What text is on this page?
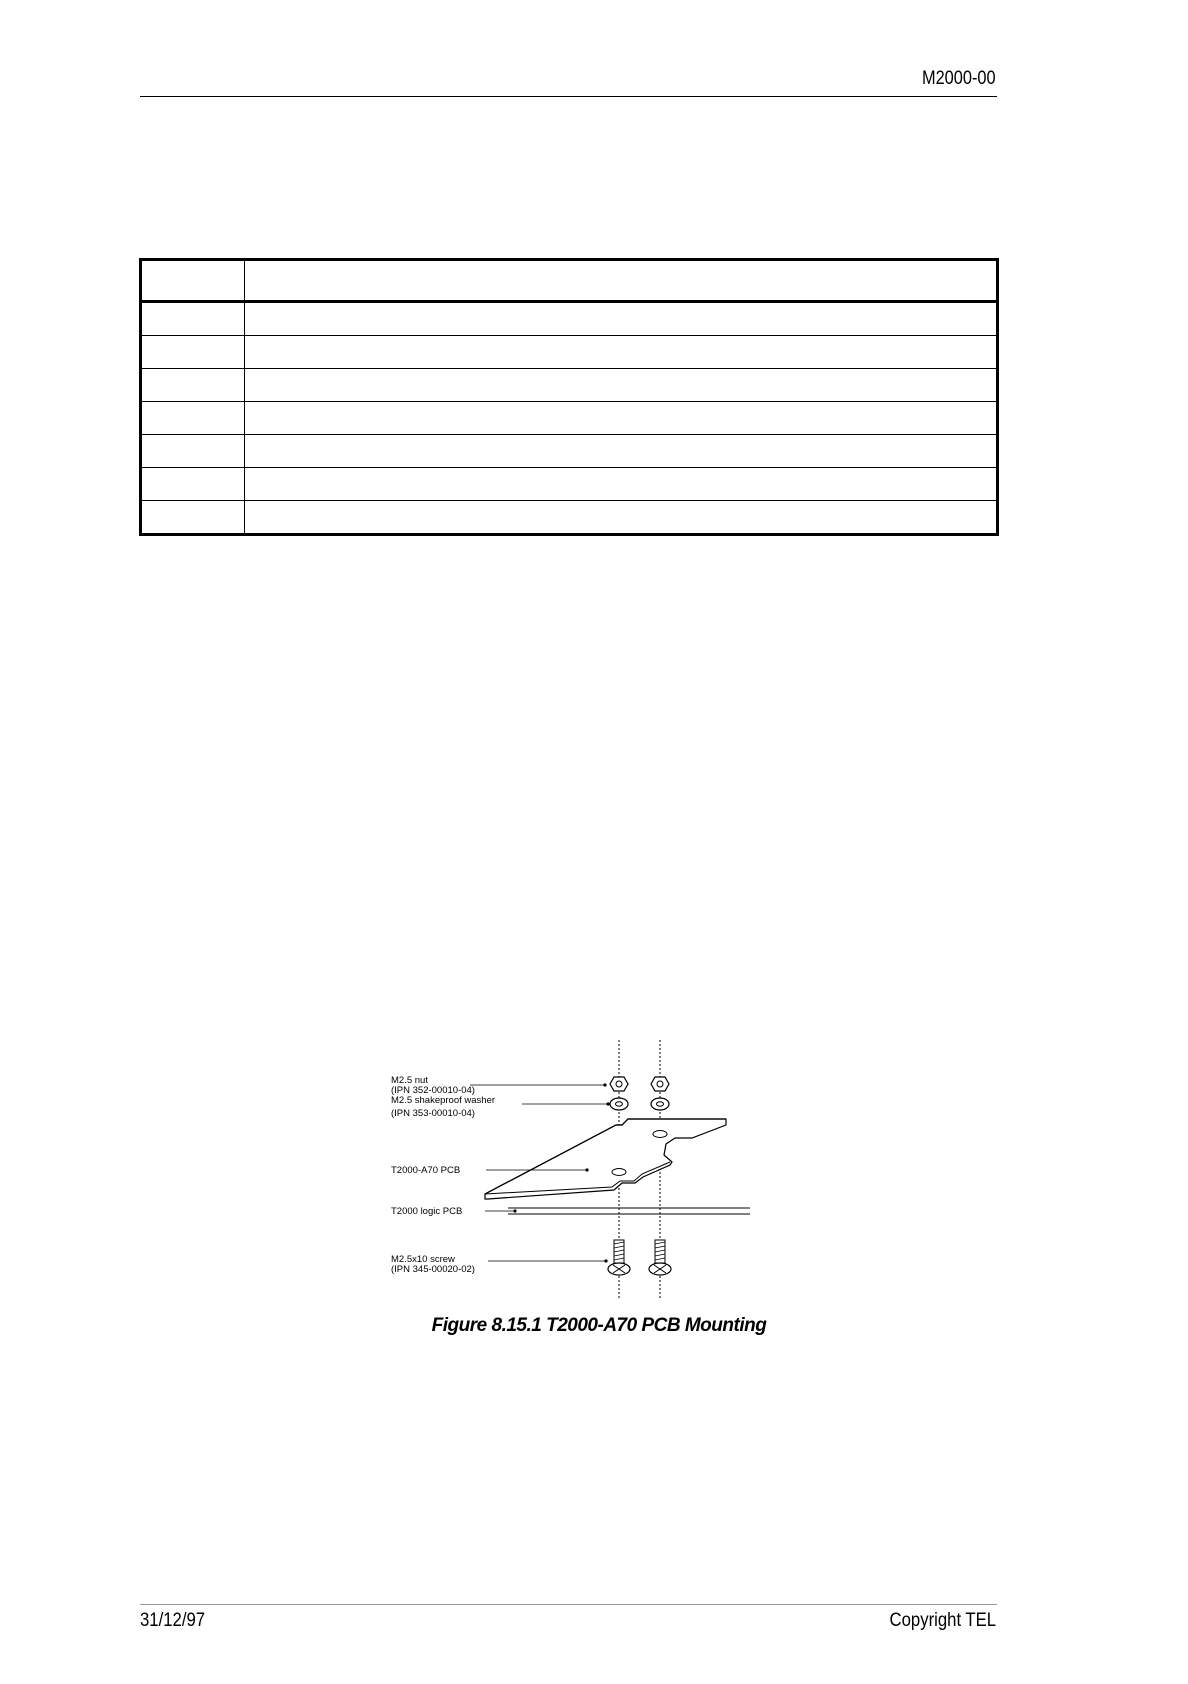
M2000-00

M2.5 nut
(IPN 352-00010-04)
M2.5 shakeproof washer
(IPN 353-00010-04)
T2000-A70 PCB
T2000 logic PCB
M2.5x10 screw
(IPN 345-00020-02)
Figure 8.15.1 T2000-A70 PCB Mounting
31/12/97	Copyright TEL
